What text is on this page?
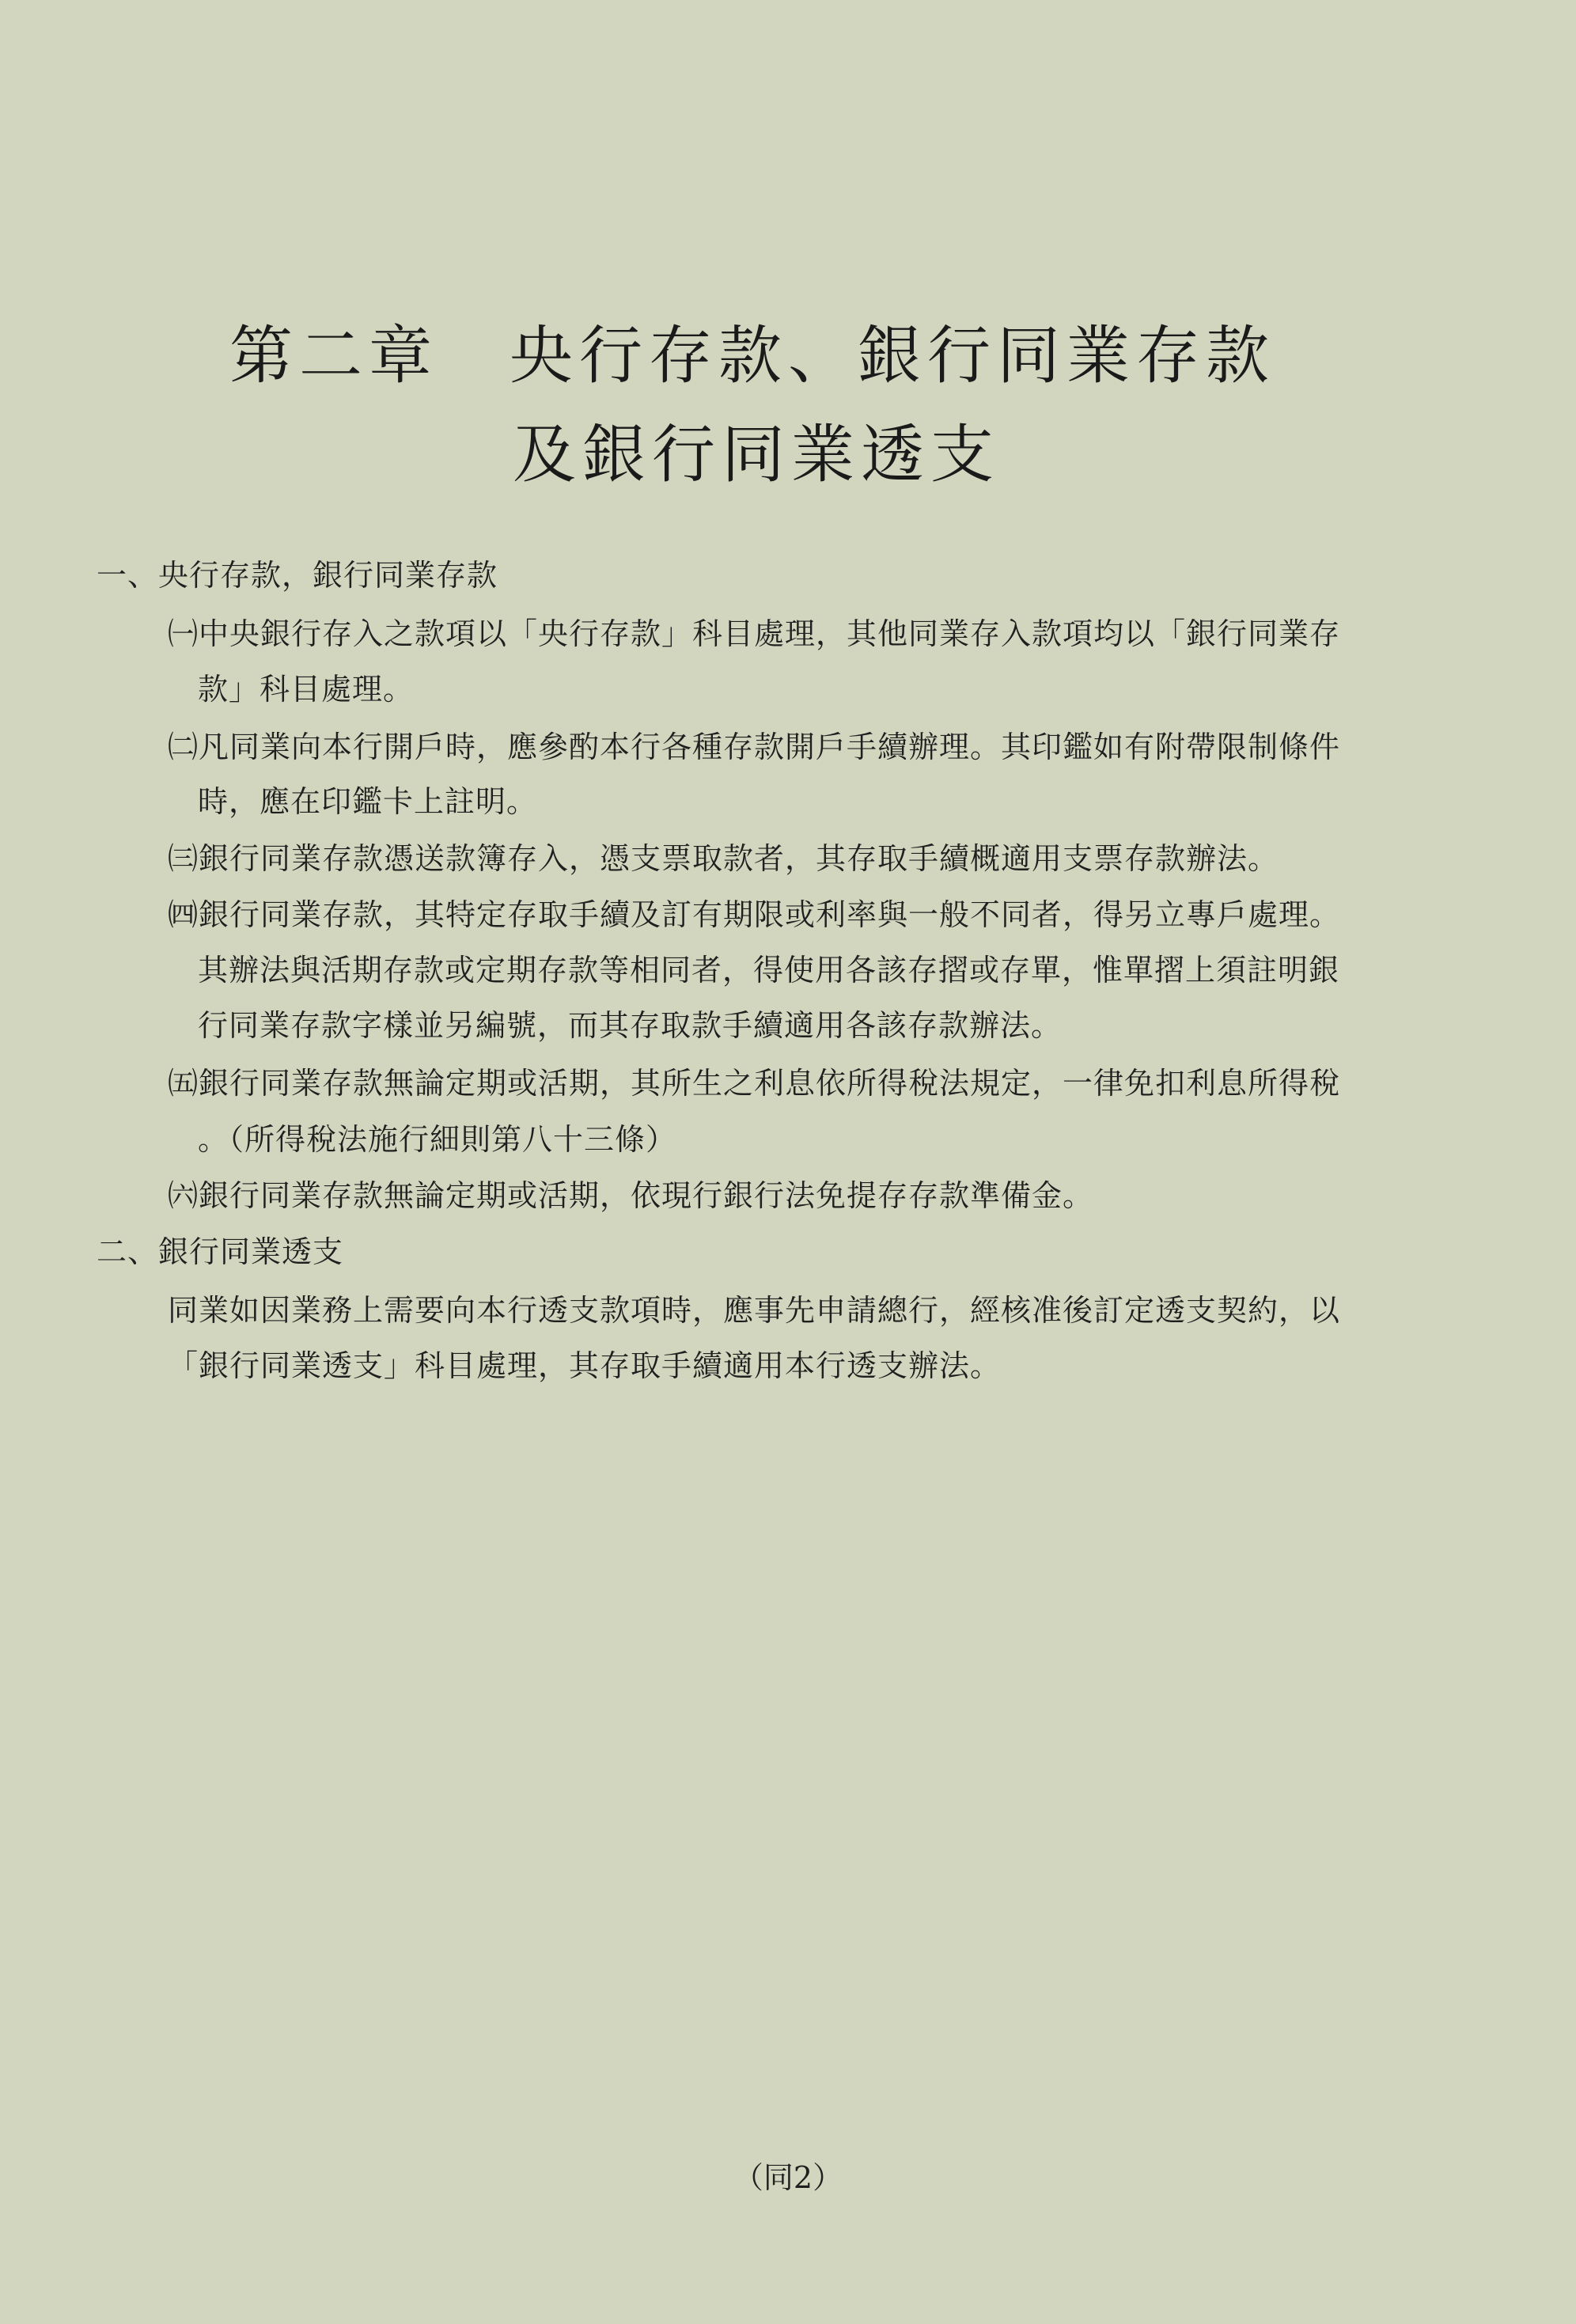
第二章 央行存款、銀行同業存款
及銀行同業透支
一、央行存款，銀行同業存款
㈠中央銀行存入之款項以「央行存款」科目處理，其他同業存入款項均以「銀行同業存
款」科目處理。
㈡凡同業向本行開戶時，應參酌本行各種存款開戶手續辦理。其印鑑如有附帶限制條件
時，應在印鑑卡上註明。
㈢銀行同業存款憑送款簿存入，憑支票取款者，其存取手續概適用支票存款辦法。
㈣銀行同業存款，其特定存取手續及訂有期限或利率與一般不同者，得另立專戶處理。
其辦法與活期存款或定期存款等相同者，得使用各該存摺或存單，惟單摺上須註明銀
行同業存款字樣並另編號，而其存取款手續適用各該存款辦法。
㈤銀行同業存款無論定期或活期，其所生之利息依所得稅法規定，一律免扣利息所得稅
。（所得稅法施行細則第八十三條）
㈥銀行同業存款無論定期或活期，依現行銀行法免提存存款準備金。
二、銀行同業透支
同業如因業務上需要向本行透支款項時，應事先申請總行，經核准後訂定透支契約，以
「銀行同業透支」科目處理，其存取手續適用本行透支辦法。
（同2）
